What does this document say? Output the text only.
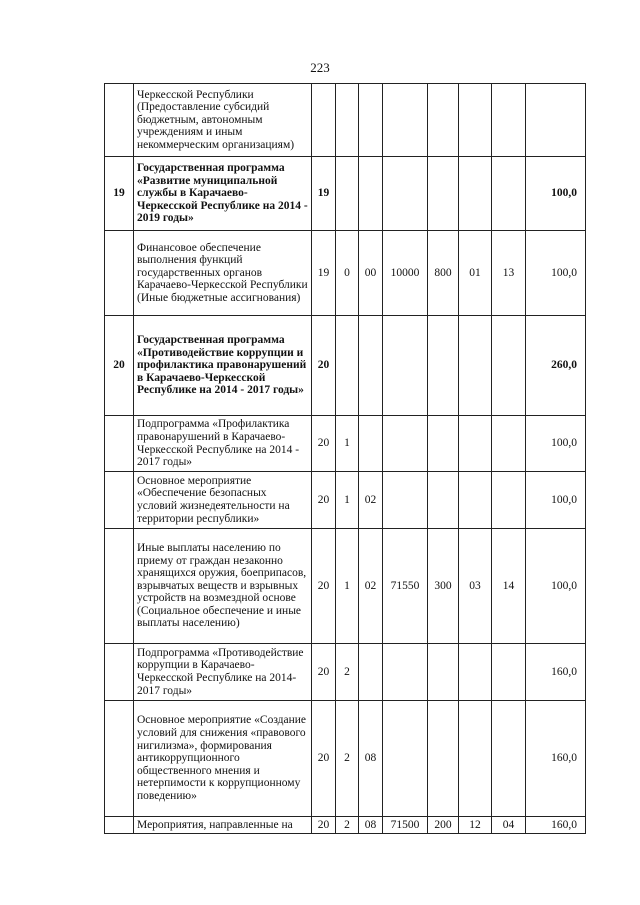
223
	Черкесской Республики (Предоставление субсидий бюджетным, автономным учреждениям и иным некоммерческим организациям)								
19	Государственная программа «Развитие муниципальной службы в Карачаево-Черкесской Республике на 2014 - 2019 годы»	19							100,0
	Финансовое обеспечение выполнения функций государственных органов Карачаево-Черкесской Республики (Иные бюджетные ассигнования)	19	0	00	10000	800	01	13	100,0
20	Государственная программа «Противодействие коррупции и профилактика правонарушений в Карачаево-Черкесской Республике на 2014 - 2017 годы»	20							260,0
	Подпрограмма «Профилактика правонарушений в Карачаево-Черкесской Республике на 2014 - 2017 годы»	20	1						100,0
	Основное мероприятие «Обеспечение безопасных условий жизнедеятельности на территории республики»	20	1	02					100,0
	Иные выплаты населению по приему от граждан незаконно хранящихся оружия, боеприпасов, взрывчатых веществ и взрывных устройств на возмездной основе (Социальное обеспечение и иные выплаты населению)	20	1	02	71550	300	03	14	100,0
	Подпрограмма «Противодействие коррупции в Карачаево-Черкесской Республике на 2014-2017 годы»	20	2						160,0
	Основное мероприятие «Создание условий для снижения «правового нигилизма», формирования антикоррупционного общественного мнения и нетерпимости к коррупционному поведению»	20	2	08					160,0
	Мероприятия, направленные на	20	2	08	71500	200	12	04	160,0
